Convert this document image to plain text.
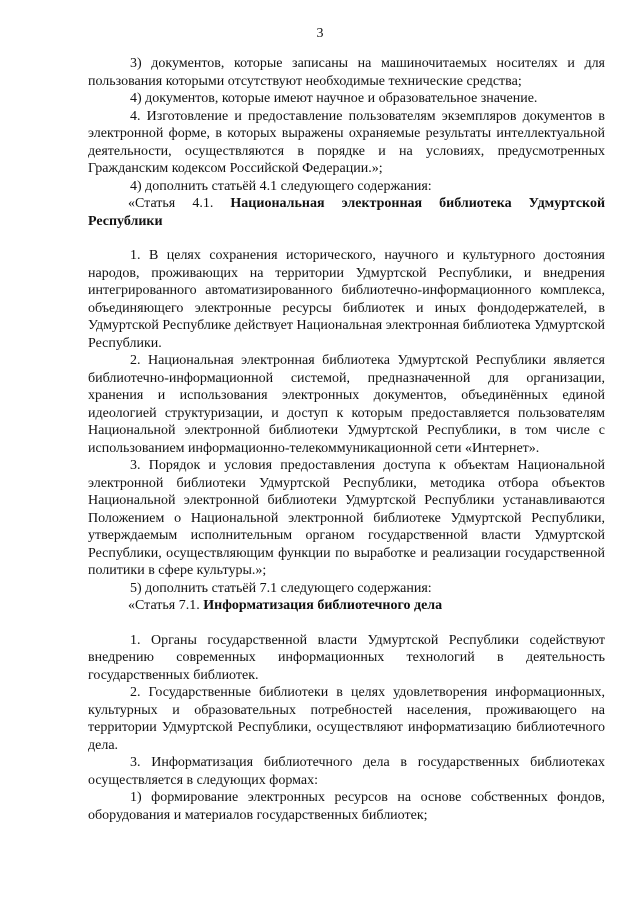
3

3) документов, которые записаны на машиночитаемых носителях и для пользования которыми отсутствуют необходимые технические средства;

4) документов, которые имеют научное и образовательное значение.

4. Изготовление и предоставление пользователям экземпляров документов в электронной форме, в которых выражены охраняемые результаты интеллектуальной деятельности, осуществляются в порядке и на условиях, предусмотренных Гражданским кодексом Российской Федерации.»;

4) дополнить статьёй 4.1 следующего содержания:

«Статья 4.1. Национальная электронная библиотека Удмуртской Республики

1. В целях сохранения исторического, научного и культурного достояния народов, проживающих на территории Удмуртской Республики, и внедрения интегрированного автоматизированного библиотечно-информационного комплекса, объединяющего электронные ресурсы библиотек и иных фондодержателей, в Удмуртской Республике действует Национальная электронная библиотека Удмуртской Республики.

2. Национальная электронная библиотека Удмуртской Республики является библиотечно-информационной системой, предназначенной для организации, хранения и использования электронных документов, объединённых единой идеологией структуризации, и доступ к которым предоставляется пользователям Национальной электронной библиотеки Удмуртской Республики, в том числе с использованием информационно-телекоммуникационной сети «Интернет».

3. Порядок и условия предоставления доступа к объектам Национальной электронной библиотеки Удмуртской Республики, методика отбора объектов Национальной электронной библиотеки Удмуртской Республики устанавливаются Положением о Национальной электронной библиотеке Удмуртской Республики, утверждаемым исполнительным органом государственной власти Удмуртской Республики, осуществляющим функции по выработке и реализации государственной политики в сфере культуры.»;

5) дополнить статьёй 7.1 следующего содержания:

«Статья 7.1. Информатизация библиотечного дела

1. Органы государственной власти Удмуртской Республики содействуют внедрению современных информационных технологий в деятельность государственных библиотек.

2. Государственные библиотеки в целях удовлетворения информационных, культурных и образовательных потребностей населения, проживающего на территории Удмуртской Республики, осуществляют информатизацию библиотечного дела.

3. Информатизация библиотечного дела в государственных библиотеках осуществляется в следующих формах:

1) формирование электронных ресурсов на основе собственных фондов, оборудования и материалов государственных библиотек;
